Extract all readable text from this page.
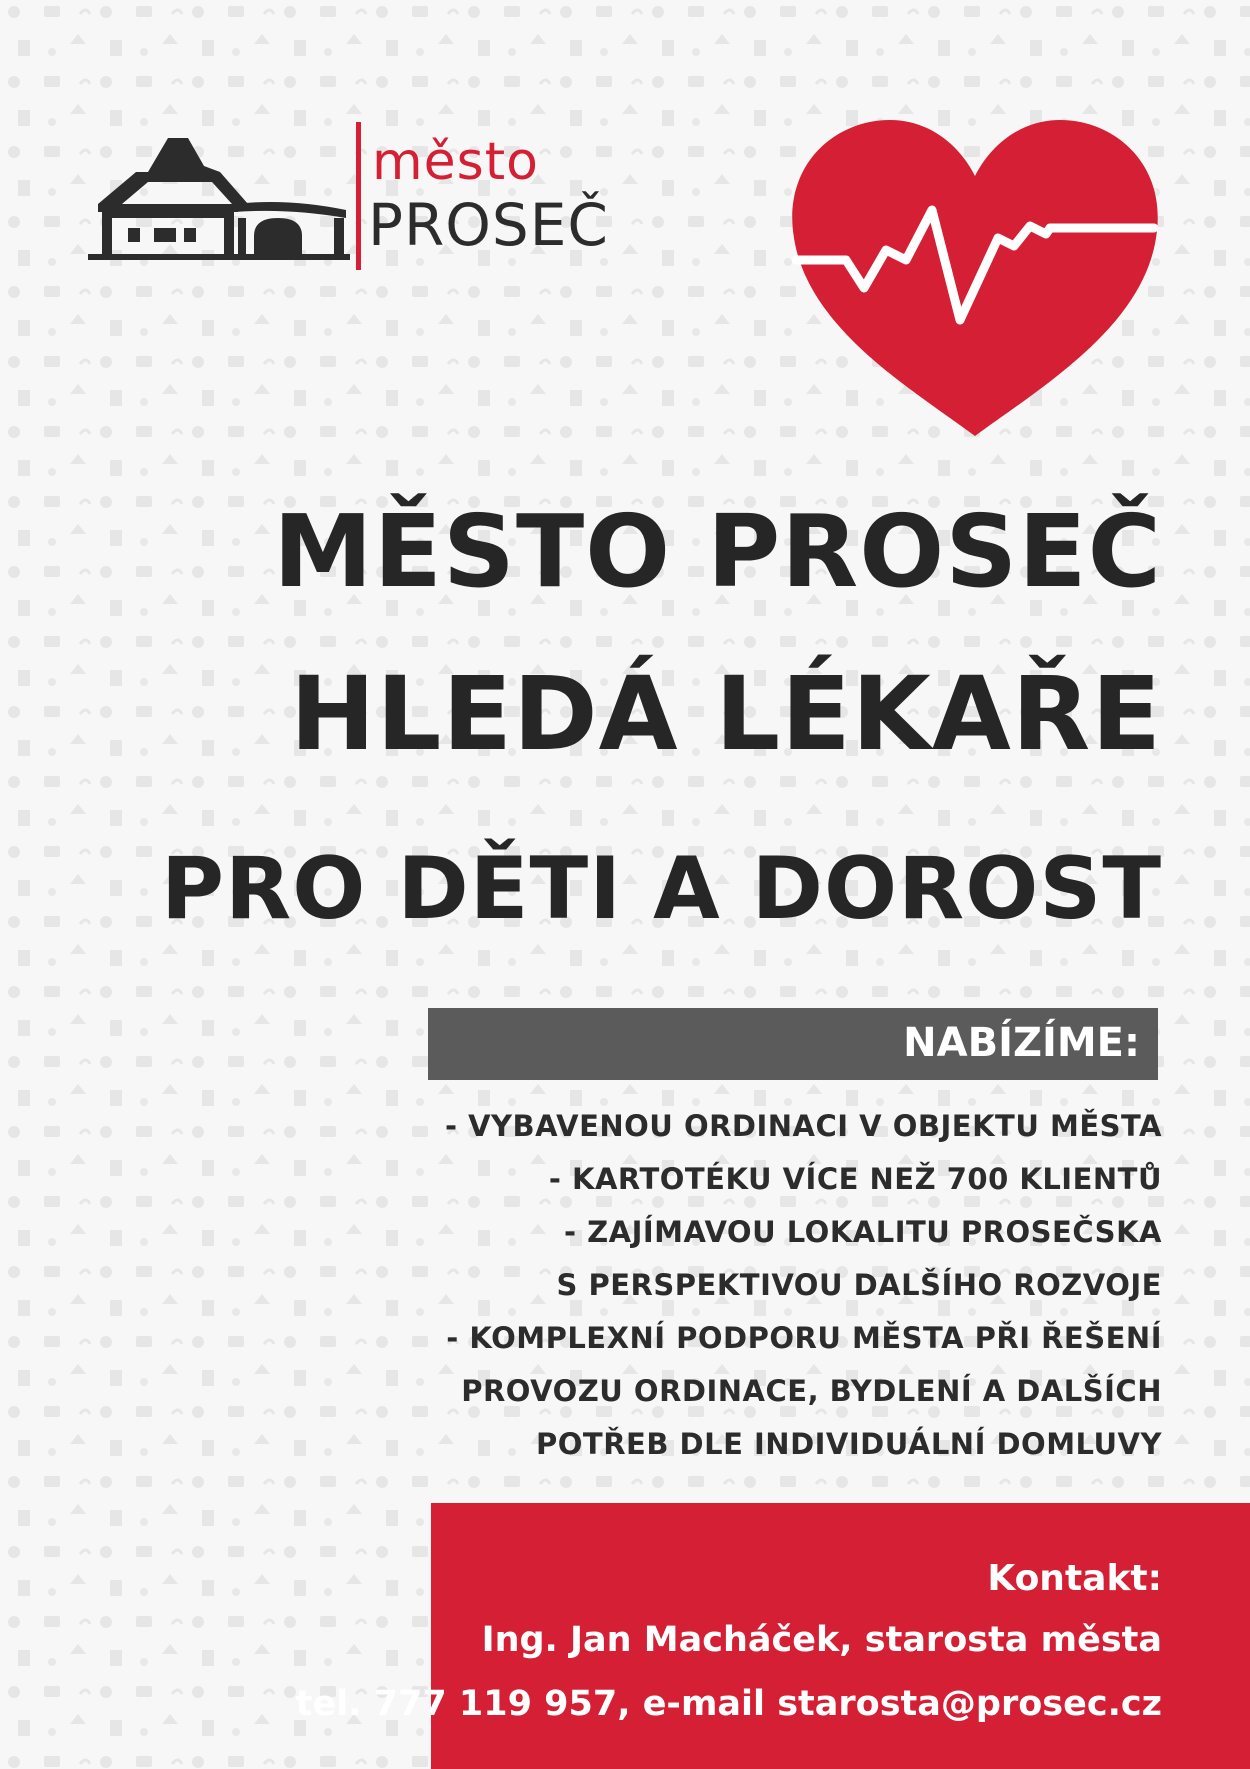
město
PROSEČ
MĚSTO PROSEČ
HLEDÁ LÉKAŘE
PRO DĚTI A DOROST
NABÍZÍME:
- VYBAVENOU ORDINACI V OBJEKTU MĚSTA
- KARTOTÉKU VÍCE NEŽ 700 KLIENTŮ
- ZAJÍMAVOU LOKALITU PROSEČSKA
S PERSPEKTIVOU DALŠÍHO ROZVOJE
- KOMPLEXNÍ PODPORU MĚSTA PŘI ŘEŠENÍ
PROVOZU ORDINACE, BYDLENÍ A DALŠÍCH
POTŘEB DLE INDIVIDUÁLNÍ DOMLUVY
Kontakt:
Ing. Jan Macháček, starosta města
tel. 777 119 957, e-mail starosta@prosec.cz
